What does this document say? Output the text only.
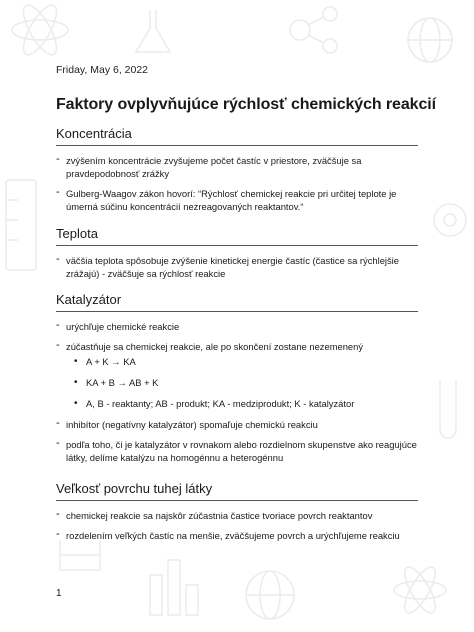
Friday, May 6, 2022
Faktory ovplyvňujúce rýchlosť chemických reakcií
Koncentrácia
- zvýšením koncentrácie zvyšujeme počet častíc v priestore, zväčšuje sa pravdepodobnosť zrážky
- Gulberg-Waagov zákon hovorí: “Rýchlosť chemickej reakcie pri určitej teplote je úmerná súčinu koncentrácií nezreagovaných reaktantov.“
Teplota
- väčšia teplota spôsobuje zvýšenie kinetickej energie častíc (častice sa rýchlejšie zrážajú) - zväčšuje sa rýchlosť reakcie
Katalyzátor
- urýchľuje chemické reakcie
- zúčastňuje sa chemickej reakcie, ale po skončení zostane nezemenený
• A + K → KA
• KA + B → AB + K
• A, B - reaktanty; AB - produkt; KA - medziprodukt; K - katalyzátor
- inhibítor (negatívny katalyzátor) spomaľuje chemickú reakciu
- podľa toho, či je katalyzátor v rovnakom alebo rozdielnom skupenstve ako reagujúce látky, delíme katalýzu na homogénnu a heterogénnu
Veľkosť povrchu tuhej látky
- chemickej reakcie sa najskôr zúčastnia častice tvoriace povrch reaktantov
- rozdelením veľkých častíc na menšie, zväčšujeme povrch a urýchľujeme reakciu
1
